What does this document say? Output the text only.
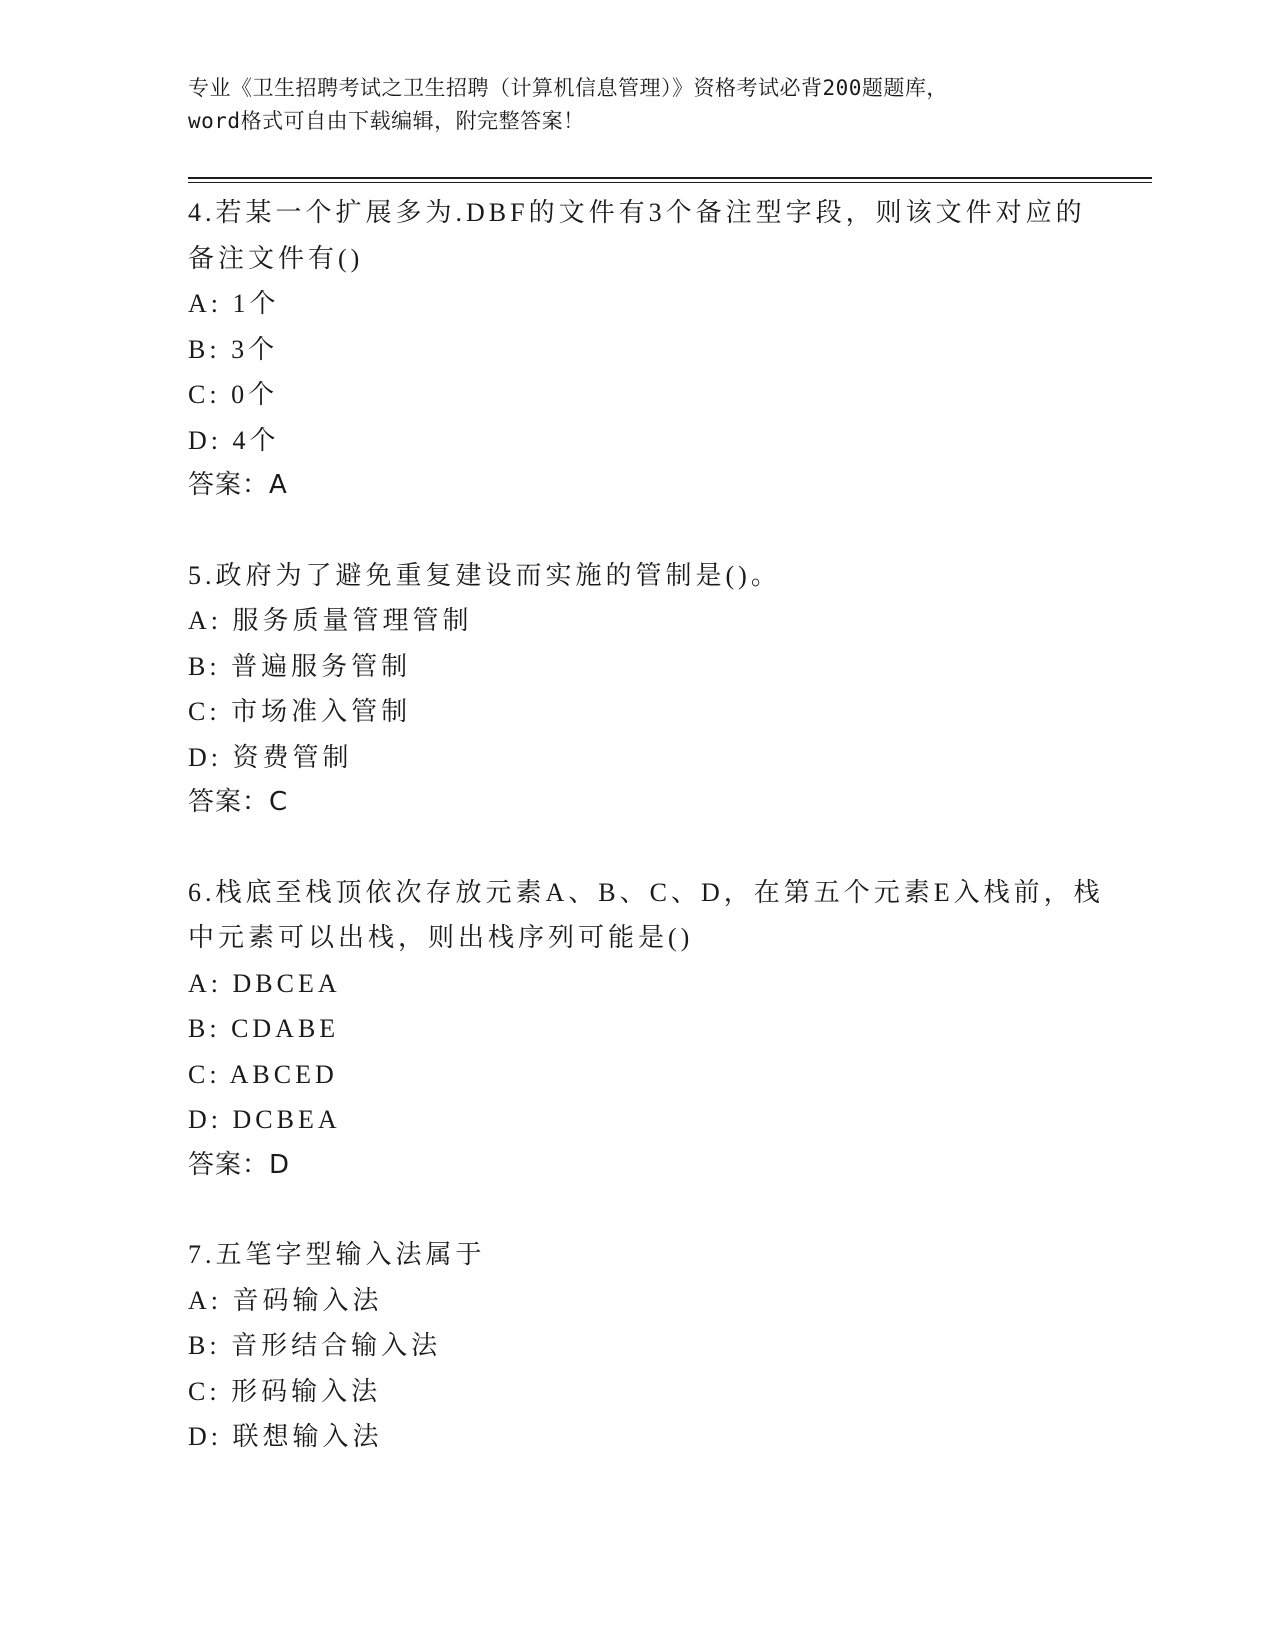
专业《卫生招聘考试之卫生招聘（计算机信息管理）》资格考试必背200题题库，
word格式可自由下载编辑，附完整答案！
4.若某一个扩展多为.DBF的文件有3个备注型字段，则该文件对应的
备注文件有()
A: 1个
B: 3个
C: 0个
D: 4个
答案：A
5.政府为了避免重复建设而实施的管制是()。
A: 服务质量管理管制
B: 普遍服务管制
C: 市场准入管制
D: 资费管制
答案：C
6.栈底至栈顶依次存放元素A、B、C、D，在第五个元素E入栈前，栈
中元素可以出栈，则出栈序列可能是()
A: DBCEA
B: CDABE
C: ABCED
D: DCBEA
答案：D
7.五笔字型输入法属于
A: 音码输入法
B: 音形结合输入法
C: 形码输入法
D: 联想输入法
